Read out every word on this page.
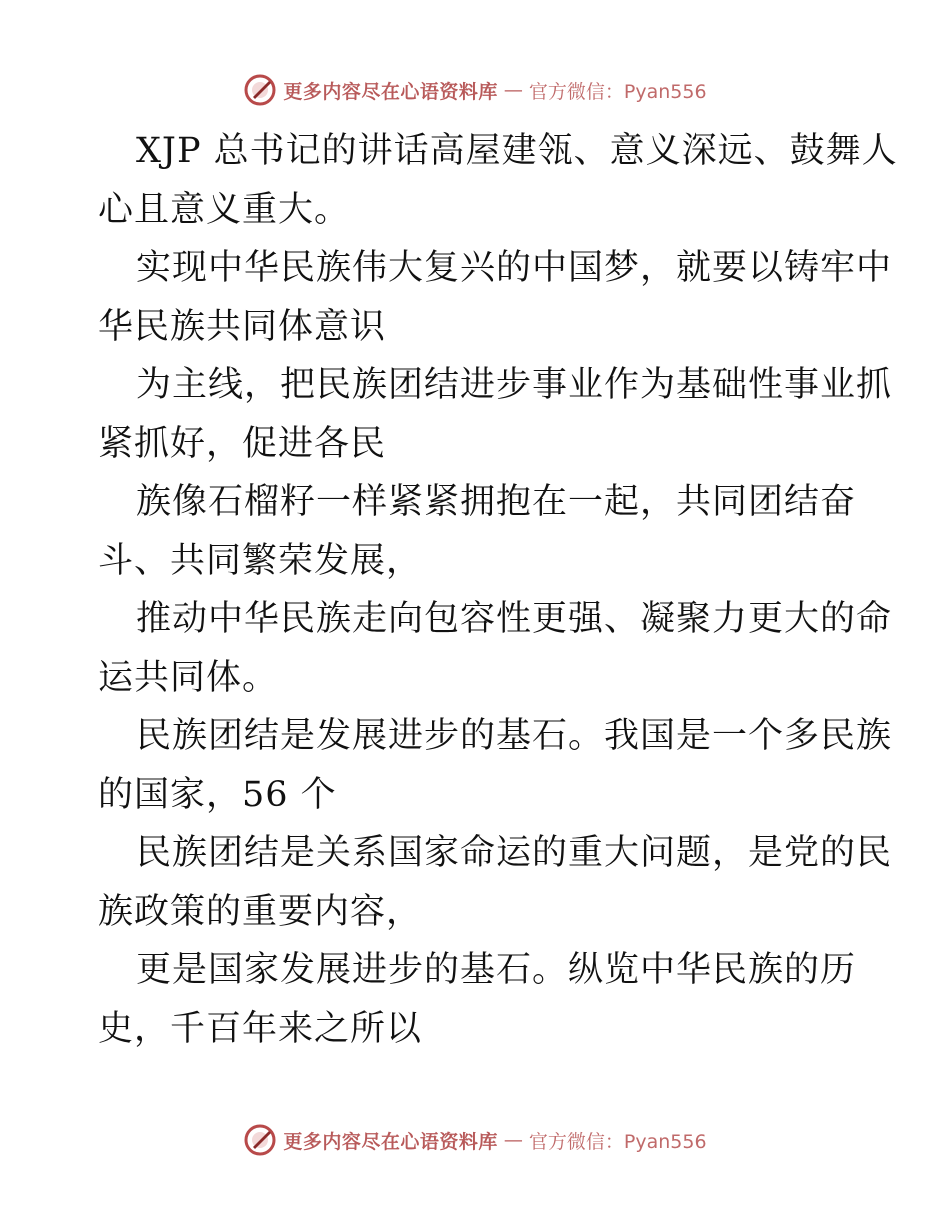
更多内容尽在心语资料库 — 官方微信：Pyan556
XJP 总书记的讲话高屋建瓴、意义深远、鼓舞人
心且意义重大。
实现中华民族伟大复兴的中国梦，就要以铸牢中
华民族共同体意识
为主线，把民族团结进步事业作为基础性事业抓
紧抓好，促进各民
族像石榴籽一样紧紧拥抱在一起，共同团结奋
斗、共同繁荣发展，
推动中华民族走向包容性更强、凝聚力更大的命
运共同体。
民族团结是发展进步的基石。我国是一个多民族
的国家，56 个
民族团结是关系国家命运的重大问题，是党的民
族政策的重要内容，
更是国家发展进步的基石。纵览中华民族的历
史，千百年来之所以
更多内容尽在心语资料库 — 官方微信：Pyan556
